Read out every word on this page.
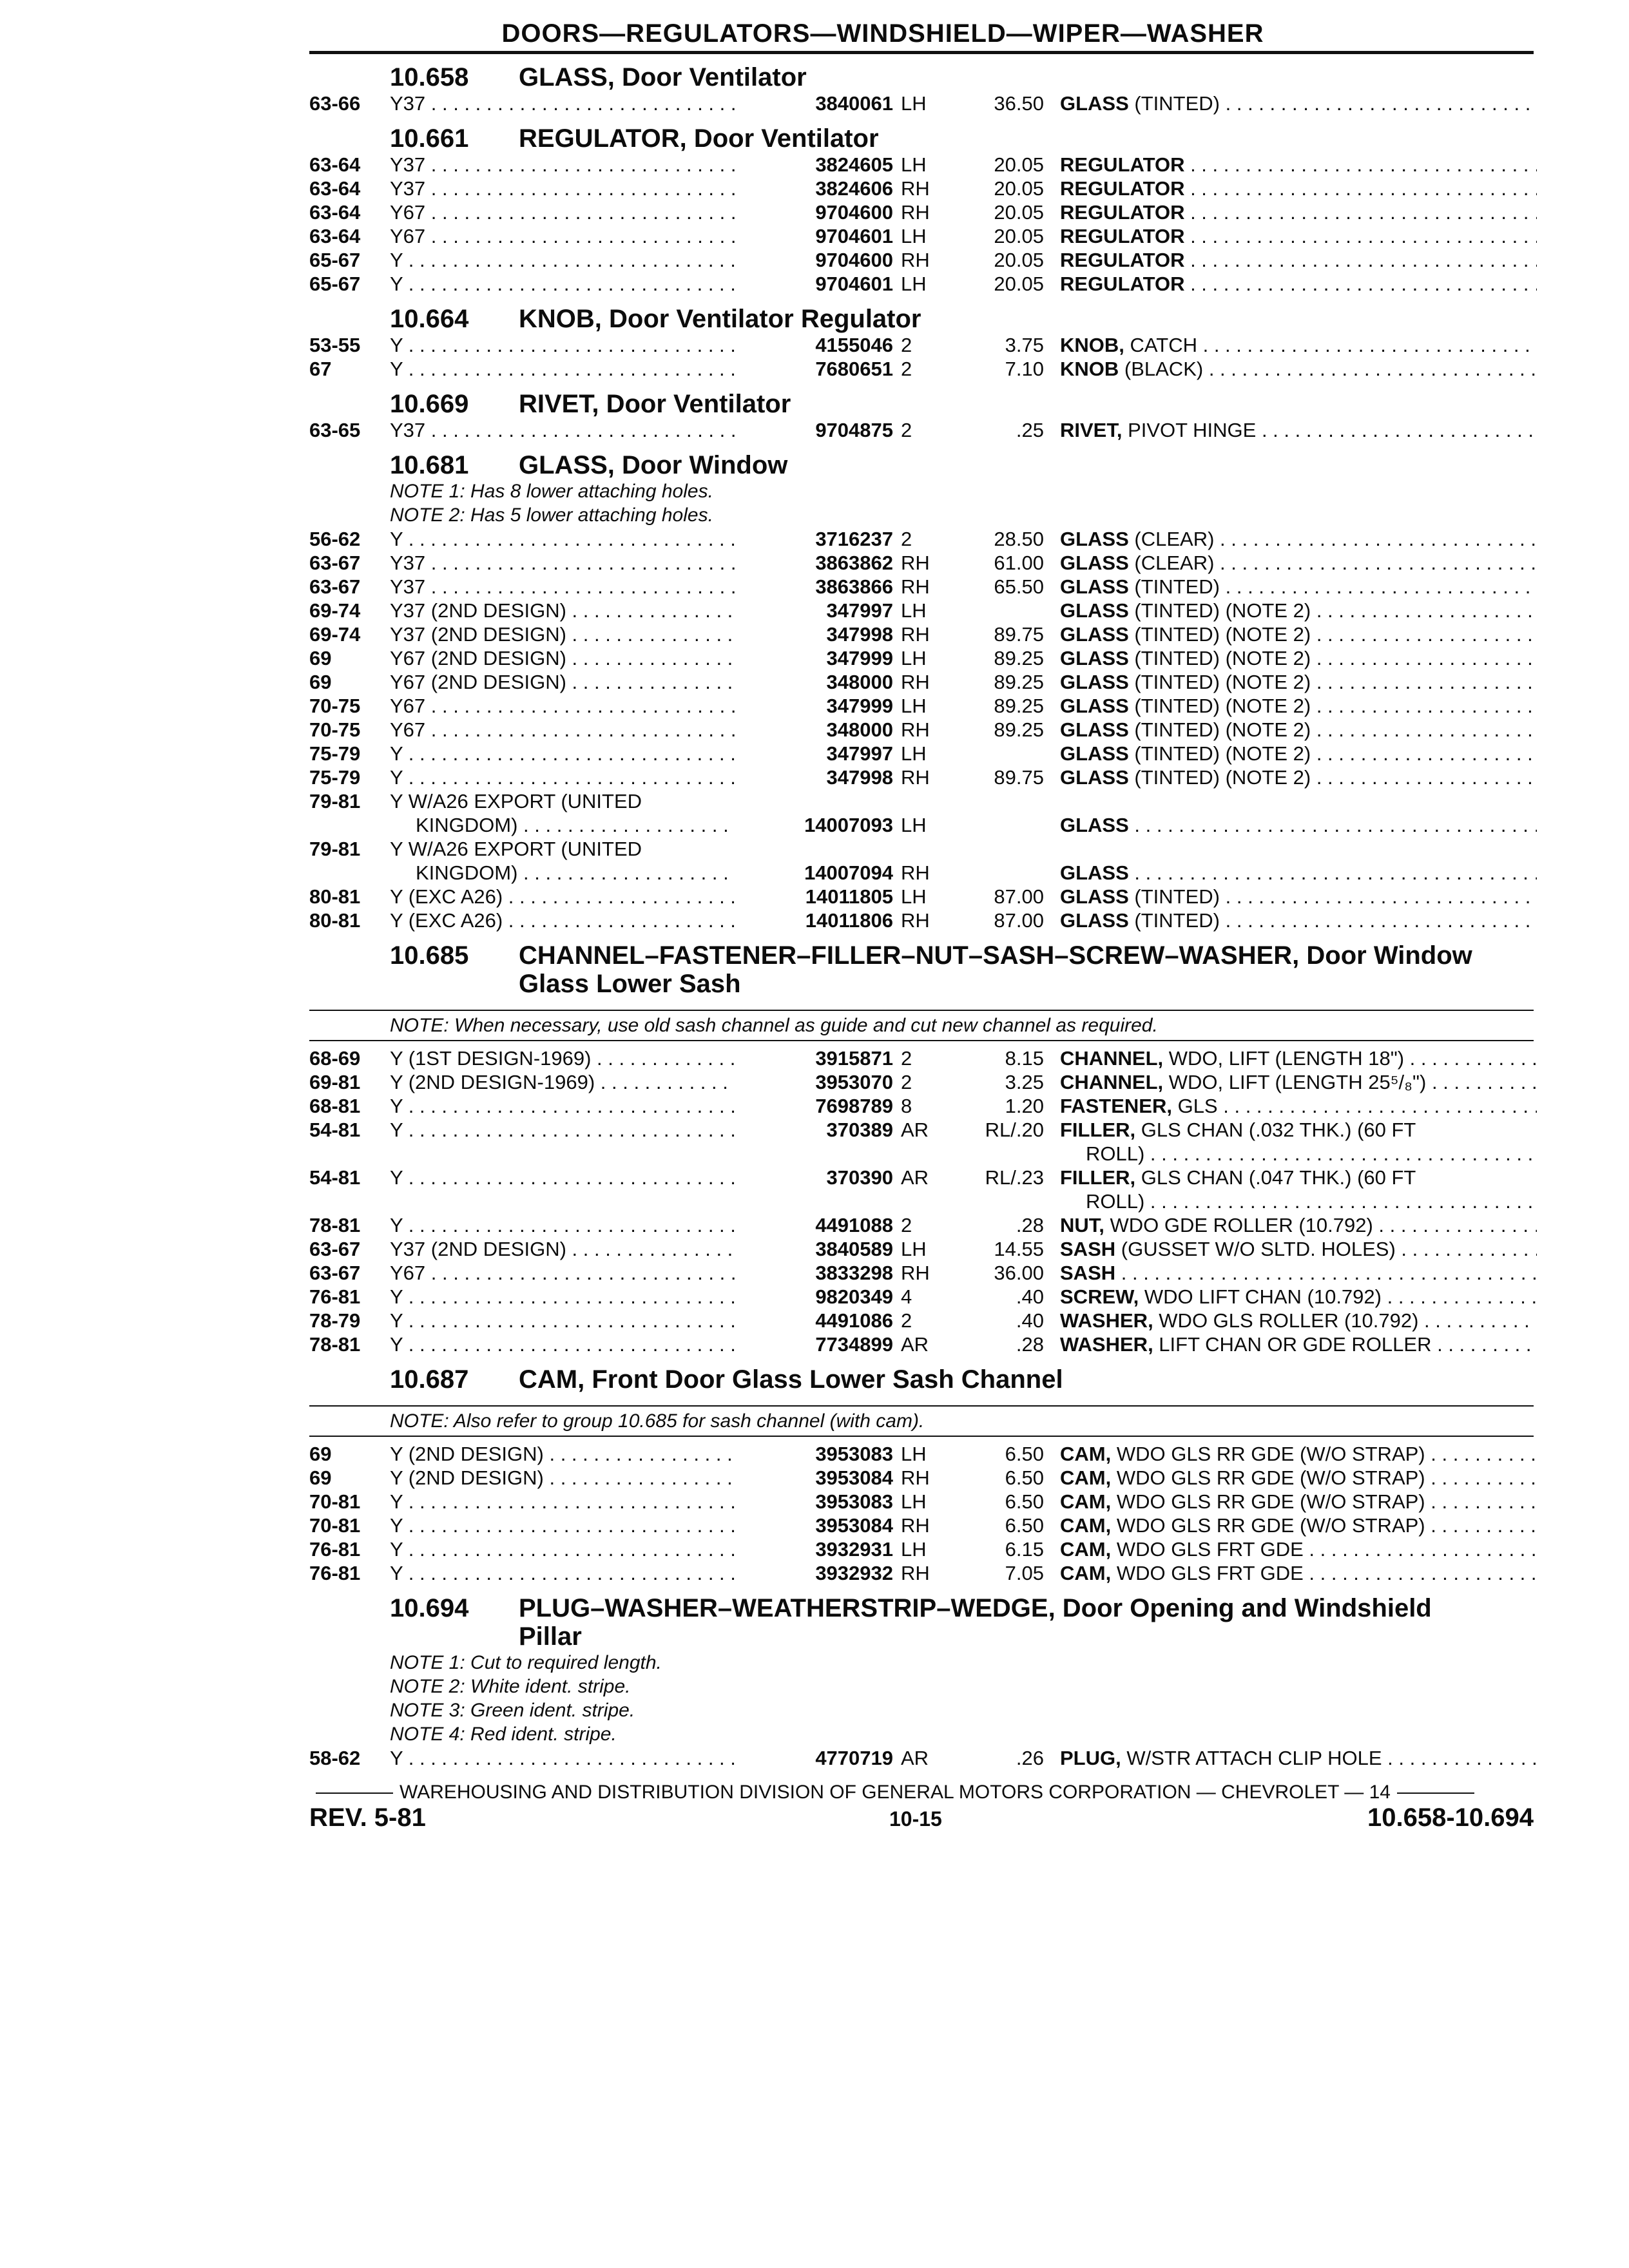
DOORS—REGULATORS—WINDSHIELD—WIPER—WASHER
10.658 GLASS, Door Ventilator
63-66	Y37 . . .	3840061 LH	36.50 GLASS (TINTED) . . .
10.661 REGULATOR, Door Ventilator
63-64	Y37 . . .	3824605 LH	20.05 REGULATOR . . .
63-64	Y37 . . .	3824606 RH	20.05 REGULATOR . . .
63-64	Y67 . . .	9704600 RH	20.05 REGULATOR . . .
63-64	Y67 . . .	9704601 LH	20.05 REGULATOR . . .
65-67	Y . . .	9704600 RH	20.05 REGULATOR . . .
65-67	Y . . .	9704601 LH	20.05 REGULATOR . . .
10.664 KNOB, Door Ventilator Regulator
53-55	Y . . .	4155046 2	3.75 KNOB, CATCH . . .
67	Y . . .	7680651 2	7.10 KNOB (BLACK) . . .
10.669 RIVET, Door Ventilator
63-65	Y37 . . .	9704875 2	.25 RIVET, PIVOT HINGE . . .
10.681 GLASS, Door Window
NOTE 1: Has 8 lower attaching holes.
NOTE 2: Has 5 lower attaching holes.
56-62	Y . . .	3716237 2	28.50 GLASS (CLEAR) . . .
63-67	Y37 . . .	3863862 RH	61.00 GLASS (CLEAR) . . .
63-67	Y37 . . .	3863866 RH	65.50 GLASS (TINTED) . . .
69-74	Y37 (2ND DESIGN) . . .	347997 LH	GLASS (TINTED) (NOTE 2) . . .
69-74	Y37 (2ND DESIGN) . . .	347998 RH	89.75 GLASS (TINTED) (NOTE 2) . . .
69	Y67 (2ND DESIGN) . . .	347999 LH	89.25 GLASS (TINTED) (NOTE 2) . . .
69	Y67 (2ND DESIGN) . . .	348000 RH	89.25 GLASS (TINTED) (NOTE 2) . . .
70-75	Y67 . . .	347999 LH	89.25 GLASS (TINTED) (NOTE 2) . . .
70-75	Y67 . . .	348000 RH	89.25 GLASS (TINTED) (NOTE 2) . . .
75-79	Y . . .	347997 LH	GLASS (TINTED) (NOTE 2) . . .
75-79	Y . . .	347998 RH	89.75 GLASS (TINTED) (NOTE 2) . . .
79-81	Y W/A26 EXPORT (UNITED
KINGDOM) . . .	14007093 LH	GLASS . . .
79-81	Y W/A26 EXPORT (UNITED
KINGDOM) . . .	14007094 RH	GLASS . . .
80-81	Y (EXC A26) . . .	14011805 LH	87.00 GLASS (TINTED) . . .
80-81	Y (EXC A26) . . .	14011806 RH	87.00 GLASS (TINTED) . . .
10.685 CHANNEL–FASTENER–FILLER–NUT–SASH–SCREW–WASHER, Door Window Glass Lower Sash
NOTE: When necessary, use old sash channel as guide and cut new channel as required.
68-69	Y (1ST DESIGN-1969) . . .	3915871 2	8.15 CHANNEL, WDO, LIFT (LENGTH 18") . . .
69-81	Y (2ND DESIGN-1969) . . .	3953070 2	3.25 CHANNEL, WDO, LIFT (LENGTH 25⁵/₈") . . .
68-81	Y . . .	7698789 8	1.20 FASTENER, GLS . . .
54-81	Y . . .	370389 AR	RL/.20 FILLER, GLS CHAN (.032 THK.) (60 FT
ROLL) . . .
54-81	Y . . .	370390 AR	RL/.23 FILLER, GLS CHAN (.047 THK.) (60 FT
ROLL) . . .
78-81	Y . . .	4491088 2	.28 NUT, WDO GDE ROLLER (10.792) . . .
63-67	Y37 (2ND DESIGN) . . .	3840589 LH	14.55 SASH (GUSSET W/O SLTD. HOLES) . . .
63-67	Y67 . . .	3833298 RH	36.00 SASH . . .
76-81	Y . . .	9820349 4	.40 SCREW, WDO LIFT CHAN (10.792) . . .
78-79	Y . . .	4491086 2	.40 WASHER, WDO GLS ROLLER (10.792) . . .
78-81	Y . . .	7734899 AR	.28 WASHER, LIFT CHAN OR GDE ROLLER . . .
10.687 CAM, Front Door Glass Lower Sash Channel
NOTE: Also refer to group 10.685 for sash channel (with cam).
69	Y (2ND DESIGN) . . .	3953083 LH	6.50 CAM, WDO GLS RR GDE (W/O STRAP) . . .
69	Y (2ND DESIGN) . . .	3953084 RH	6.50 CAM, WDO GLS RR GDE (W/O STRAP) . . .
70-81	Y . . .	3953083 LH	6.50 CAM, WDO GLS RR GDE (W/O STRAP) . . .
70-81	Y . . .	3953084 RH	6.50 CAM, WDO GLS RR GDE (W/O STRAP) . . .
76-81	Y . . .	3932931 LH	6.15 CAM, WDO GLS FRT GDE . . .
76-81	Y . . .	3932932 RH	7.05 CAM, WDO GLS FRT GDE . . .
10.694 PLUG–WASHER–WEATHERSTRIP–WEDGE, Door Opening and Windshield Pillar
NOTE 1: Cut to required length.
NOTE 2: White ident. stripe.
NOTE 3: Green ident. stripe.
NOTE 4: Red ident. stripe.
58-62	Y . . .	4770719 AR	.26 PLUG, W/STR ATTACH CLIP HOLE . . .
WAREHOUSING AND DISTRIBUTION DIVISION OF GENERAL MOTORS CORPORATION — CHEVROLET — 14
REV. 5-81	10-15	10.658-10.694
